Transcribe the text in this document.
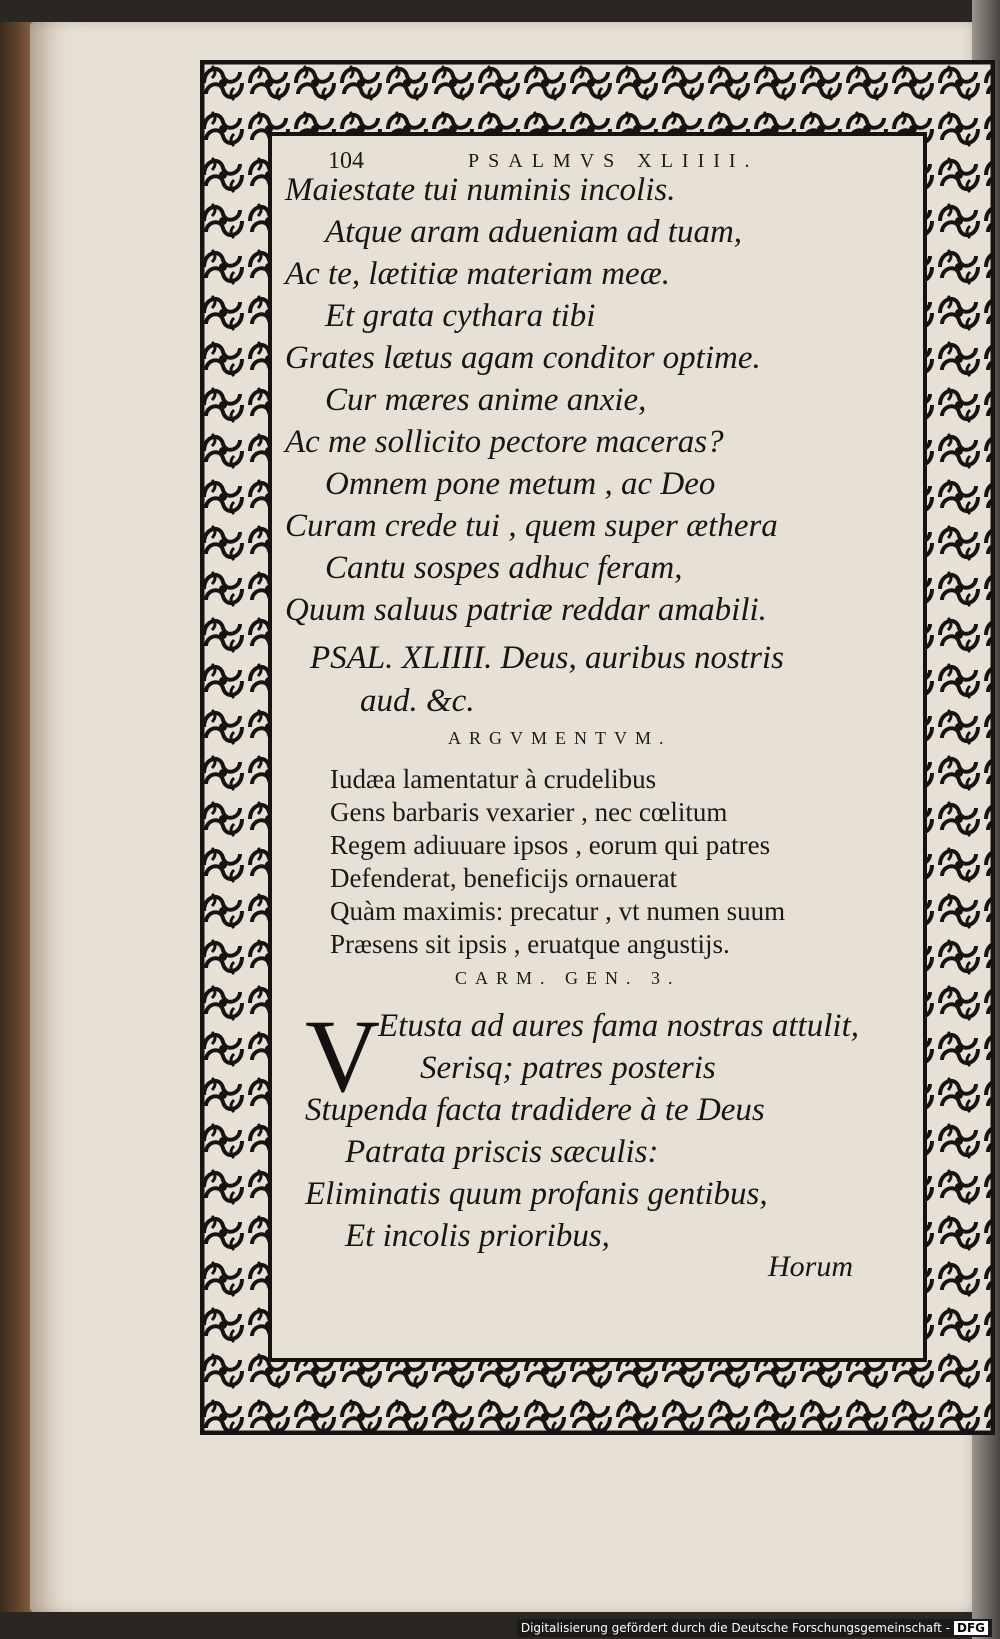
104	PSALMVS XLIIII.
Maiestate tui numinis incolis.
Atque aram adueniam ad tuam,
Ac te, lætitiæ materiam meæ.
Et grata cythara tibi
Grates lætus agam conditor optime.
Cur mæres anime anxie,
Ac me sollicito pectore maceras?
Omnem pone metum , ac Deo
Curam crede tui , quem super æthera
Cantu sospes adhuc feram,
Quum saluus patriæ reddar amabili.
PSAL. XLIIII. Deus, auribus nostris
aud. &c.
ARGVMENTVM.
Iudæa lamentatur à crudelibus
Gens barbaris vexarier , nec cœlitum
Regem adiuuare ipsos , eorum qui patres
Defenderat, beneficijs ornauerat
Quàm maximis: precatur , vt numen suum
Præsens sit ipsis , eruatque angustijs.
CARM. GEN. 3.
V
Etusta ad aures fama nostras attulit,
Serisq; patres posteris
Stupenda facta tradidere à te Deus
Patrata priscis sæculis:
Eliminatis quum profanis gentibus,
Et incolis prioribus,
Horum
Digitalisierung gefördert durch die Deutsche Forschungsgemeinschaft - DFG
